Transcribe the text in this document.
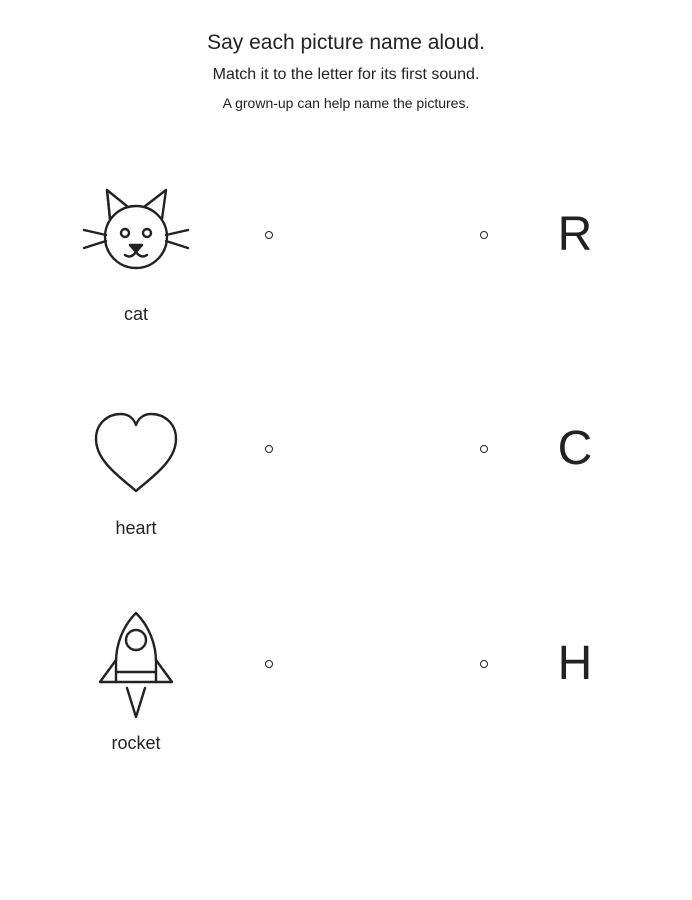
Say each picture name aloud.
Match it to the letter for its first sound.
A grown-up can help name the pictures.
cat
R
heart
C
rocket
H
